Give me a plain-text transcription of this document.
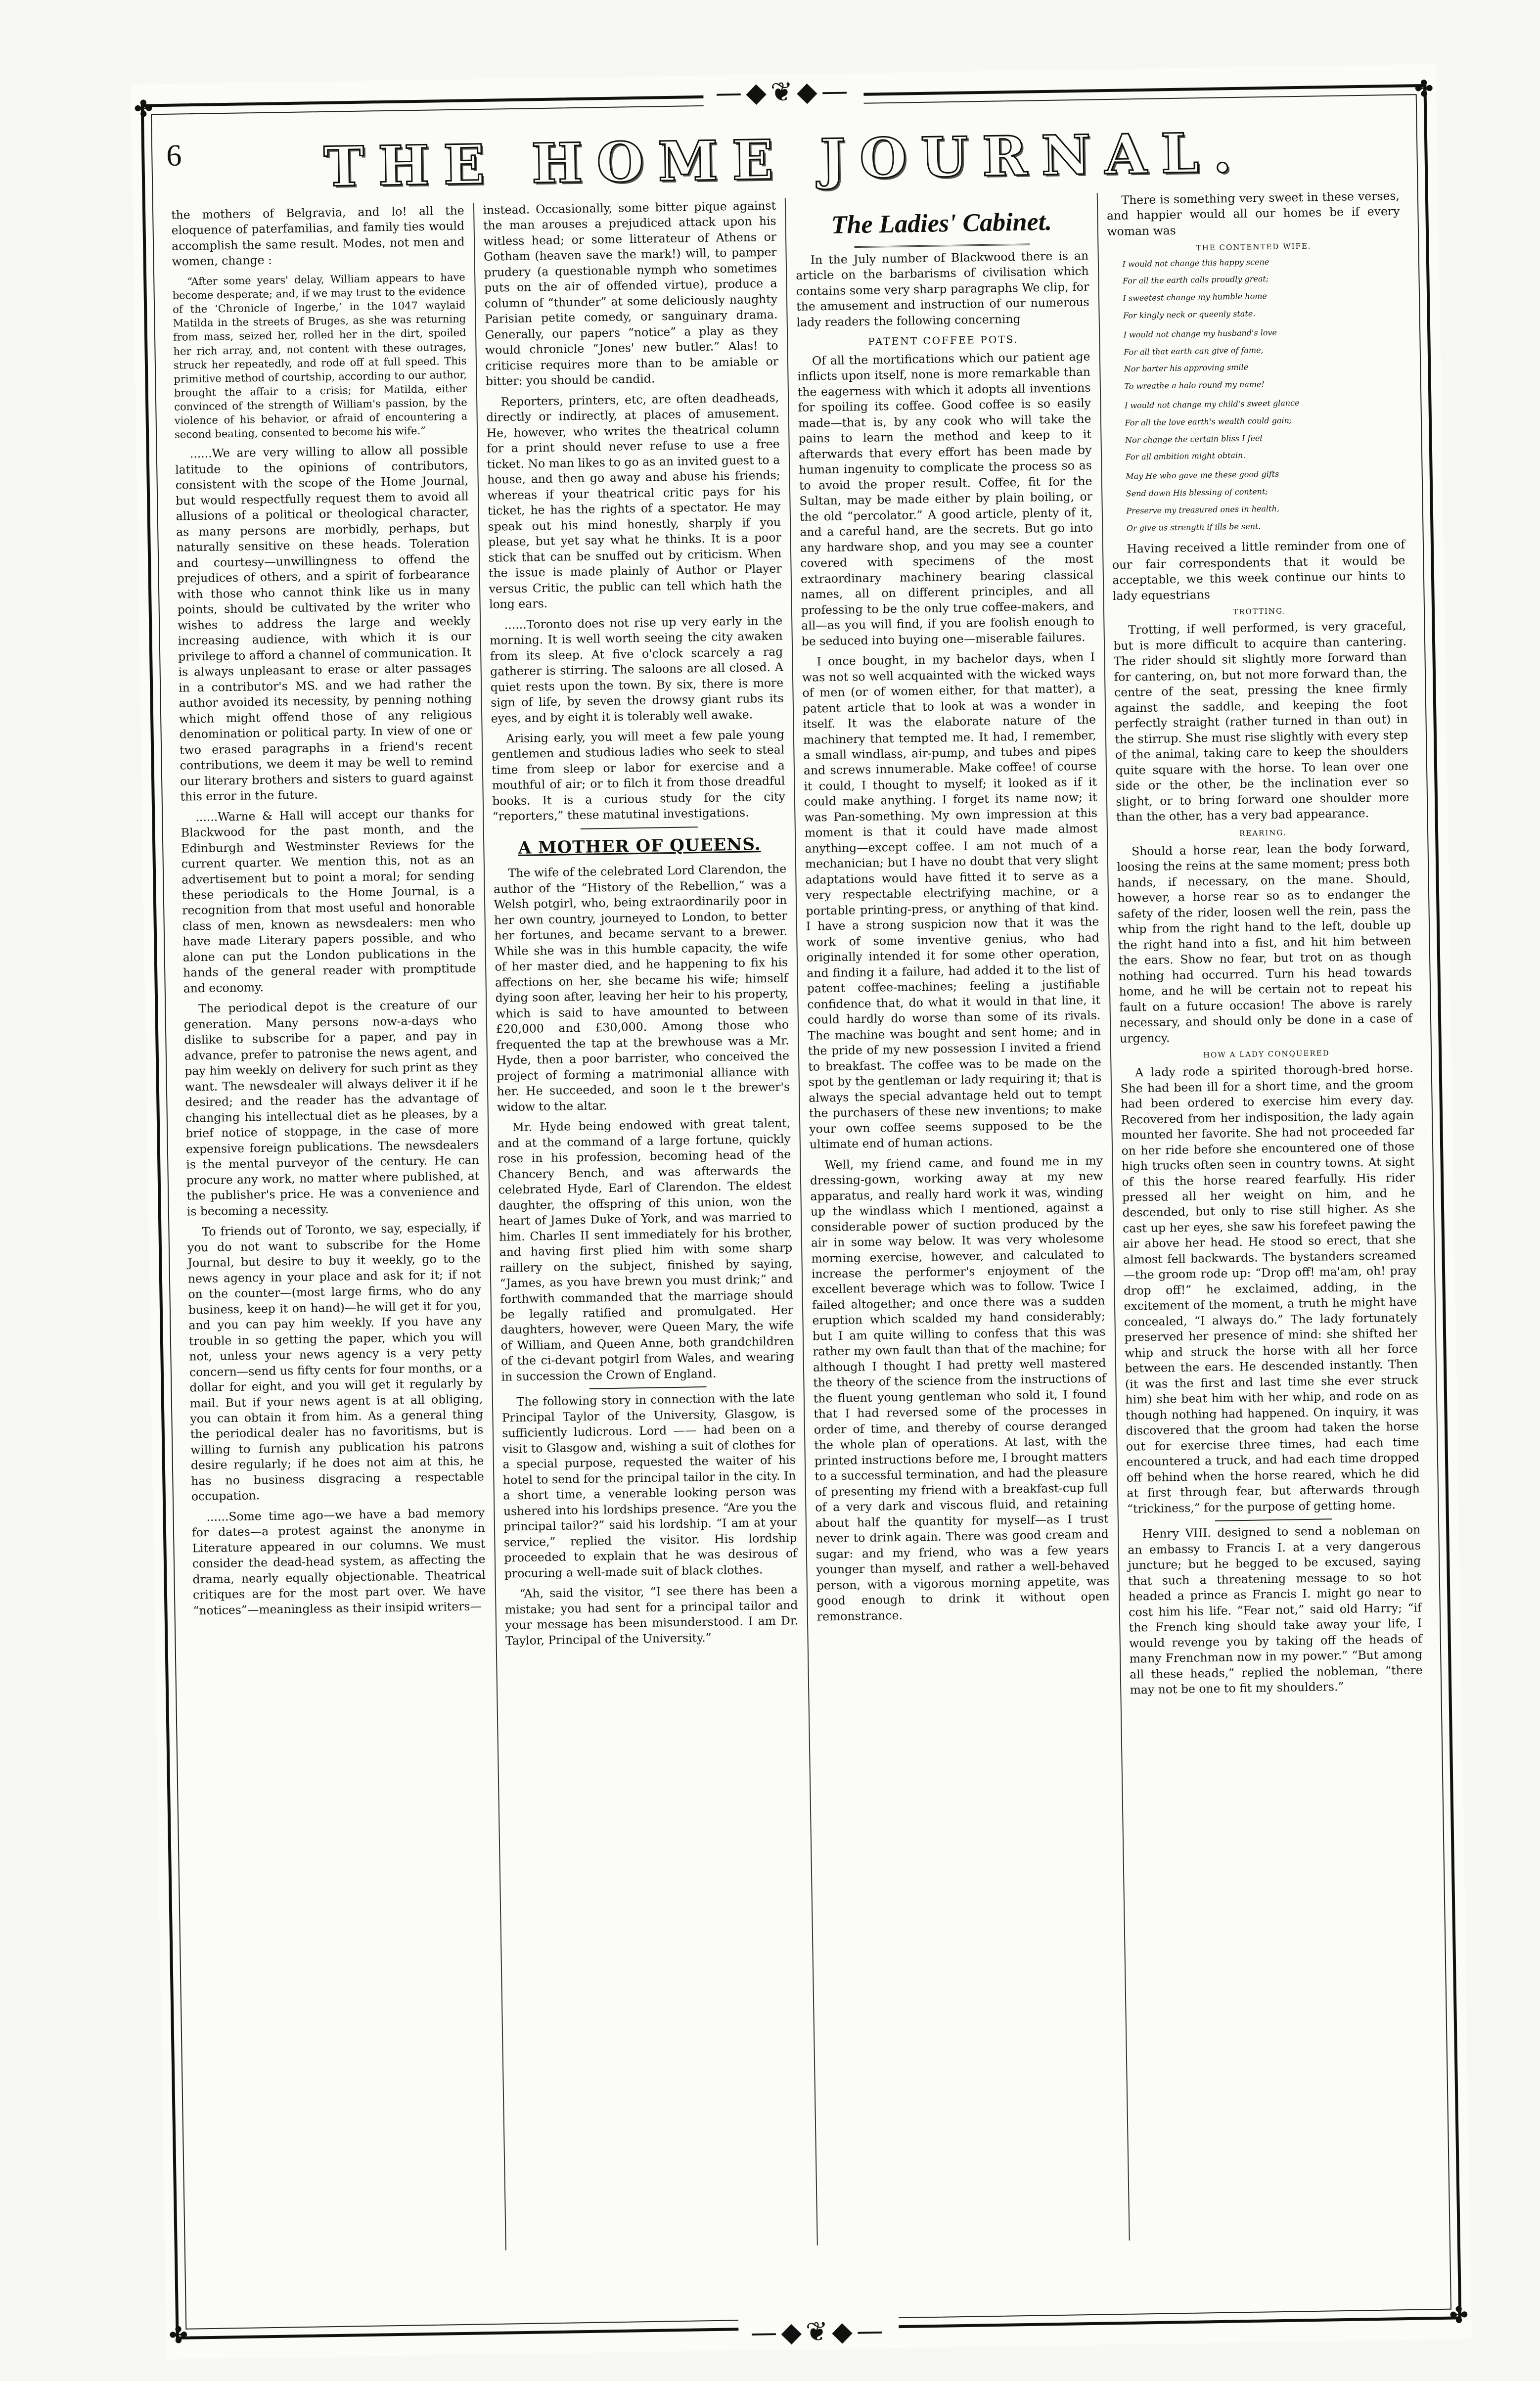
—◆❦◆—
—◆❦◆—
✤
✤
✤
✤
6	THE HOME JOURNAL.

the mothers of Belgravia, and lo! all the eloquence of paterfamilias, and family ties would accomplish the same result. Modes, not men and women, change :

“After some years' delay, William appears to have become desperate; and, if we may trust to the evidence of the ‘Chronicle of Ingerbe,’ in the 1047 waylaid Matilda in the streets of Bruges, as she was returning from mass, seized her, rolled her in the dirt, spoiled her rich array, and, not content with these outrages, struck her repeatedly, and rode off at full speed. This primitive method of courtship, according to our author, brought the affair to a crisis; for Matilda, either convinced of the strength of William's passion, by the violence of his behavior, or afraid of encountering a second beating, consented to become his wife.”

......We are very willing to allow all possible latitude to the opinions of contributors, consistent with the scope of the Home Journal, but would respectfully request them to avoid all allusions of a political or theological character, as many persons are morbidly, perhaps, but naturally sensitive on these heads. Toleration and courtesy—unwillingness to offend the prejudices of others, and a spirit of forbearance with those who cannot think like us in many points, should be cultivated by the writer who wishes to address the large and weekly increasing audience, with which it is our privilege to afford a channel of communication. It is always unpleasant to erase or alter passages in a contributor's MS. and we had rather the author avoided its necessity, by penning nothing which might offend those of any religious denomination or political party. In view of one or two erased paragraphs in a friend's recent contributions, we deem it may be well to remind our literary brothers and sisters to guard against this error in the future.

......Warne & Hall will accept our thanks for Blackwood for the past month, and the Edinburgh and Westminster Reviews for the current quarter. We mention this, not as an advertisement but to point a moral; for sending these periodicals to the Home Journal, is a recognition from that most useful and honorable class of men, known as newsdealers: men who have made Literary papers possible, and who alone can put the London publications in the hands of the general reader with promptitude and economy.

The periodical depot is the creature of our generation. Many persons now-a-days who dislike to subscribe for a paper, and pay in advance, prefer to patronise the news agent, and pay him weekly on delivery for such print as they want. The newsdealer will always deliver it if he desired; and the reader has the advantage of changing his intellectual diet as he pleases, by a brief notice of stoppage, in the case of more expensive foreign publications. The newsdealers is the mental purveyor of the century. He can procure any work, no matter where published, at the publisher's price. He was a convenience and is becoming a necessity.

To friends out of Toronto, we say, especially, if you do not want to subscribe for the Home Journal, but desire to buy it weekly, go to the news agency in your place and ask for it; if not on the counter—(most large firms, who do any business, keep it on hand)—he will get it for you, and you can pay him weekly. If you have any trouble in so getting the paper, which you will not, unless your news agency is a very petty concern—send us fifty cents for four months, or a dollar for eight, and you will get it regularly by mail. But if your news agent is at all obliging, you can obtain it from him. As a general thing the periodical dealer has no favoritisms, but is willing to furnish any publication his patrons desire regularly; if he does not aim at this, he has no business disgracing a respectable occupation.

......Some time ago—we have a bad memory for dates—a protest against the anonyme in Literature appeared in our columns. We must consider the dead-head system, as affecting the drama, nearly equally objectionable. Theatrical critiques are for the most part over. We have “notices”—meaningless as their insipid writers—

instead. Occasionally, some bitter pique against the man arouses a prejudiced attack upon his witless head; or some litterateur of Athens or Gotham (heaven save the mark!) will, to pamper prudery (a questionable nymph who sometimes puts on the air of offended virtue), produce a column of “thunder” at some deliciously naughty Parisian petite comedy, or sanguinary drama. Generally, our papers “notice” a play as they would chronicle “Jones' new butler.” Alas! to criticise requires more than to be amiable or bitter: you should be candid.

Reporters, printers, etc, are often deadheads, directly or indirectly, at places of amusement. He, however, who writes the theatrical column for a print should never refuse to use a free ticket. No man likes to go as an invited guest to a house, and then go away and abuse his friends; whereas if your theatrical critic pays for his ticket, he has the rights of a spectator. He may speak out his mind honestly, sharply if you please, but yet say what he thinks. It is a poor stick that can be snuffed out by criticism. When the issue is made plainly of Author or Player versus Critic, the public can tell which hath the long ears.

......Toronto does not rise up very early in the morning. It is well worth seeing the city awaken from its sleep. At five o'clock scarcely a rag gatherer is stirring. The saloons are all closed. A quiet rests upon the town. By six, there is more sign of life, by seven the drowsy giant rubs its eyes, and by eight it is tolerably well awake.

Arising early, you will meet a few pale young gentlemen and studious ladies who seek to steal time from sleep or labor for exercise and a mouthful of air; or to filch it from those dreadful books. It is a curious study for the city “reporters,” these matutinal investigations.

A MOTHER OF QUEENS.

The wife of the celebrated Lord Clarendon, the author of the “History of the Rebellion,” was a Welsh potgirl, who, being extraordinarily poor in her own country, journeyed to London, to better her fortunes, and became servant to a brewer. While she was in this humble capacity, the wife of her master died, and he happening to fix his affections on her, she became his wife; himself dying soon after, leaving her heir to his property, which is said to have amounted to between £20,000 and £30,000. Among those who frequented the tap at the brewhouse was a Mr. Hyde, then a poor barrister, who conceived the project of forming a matrimonial alliance with her. He succeeded, and soon le t the brewer's widow to the altar.

Mr. Hyde being endowed with great talent, and at the command of a large fortune, quickly rose in his profession, becoming head of the Chancery Bench, and was afterwards the celebrated Hyde, Earl of Clarendon. The eldest daughter, the offspring of this union, won the heart of James Duke of York, and was married to him. Charles II sent immediately for his brother, and having first plied him with some sharp raillery on the subject, finished by saying, “James, as you have brewn you must drink;” and forthwith commanded that the marriage should be legally ratified and promulgated. Her daughters, however, were Queen Mary, the wife of William, and Queen Anne, both grandchildren of the ci-devant potgirl from Wales, and wearing in succession the Crown of England.

The following story in connection with the late Principal Taylor of the University, Glasgow, is sufficiently ludicrous. Lord —— had been on a visit to Glasgow and, wishing a suit of clothes for a special purpose, requested the waiter of his hotel to send for the principal tailor in the city. In a short time, a venerable looking person was ushered into his lordships presence. “Are you the principal tailor?” said his lordship. “I am at your service,” replied the visitor. His lordship proceeded to explain that he was desirous of procuring a well-made suit of black clothes.

“Ah, said the visitor, “I see there has been a mistake; you had sent for a principal tailor and your message has been misunderstood. I am Dr. Taylor, Principal of the University.”

The Ladies' Cabinet.

In the July number of Blackwood there is an article on the barbarisms of civilisation which contains some very sharp paragraphs We clip, for the amusement and instruction of our numerous lady readers the following concerning

PATENT COFFEE POTS.

Of all the mortifications which our patient age inflicts upon itself, none is more remarkable than the eagerness with which it adopts all inventions for spoiling its coffee. Good coffee is so easily made—that is, by any cook who will take the pains to learn the method and keep to it afterwards that every effort has been made by human ingenuity to complicate the process so as to avoid the proper result. Coffee, fit for the Sultan, may be made either by plain boiling, or the old “percolator.” A good article, plenty of it, and a careful hand, are the secrets. But go into any hardware shop, and you may see a counter covered with specimens of the most extraordinary machinery bearing classical names, all on different principles, and all professing to be the only true coffee-makers, and all—as you will find, if you are foolish enough to be seduced into buying one—miserable failures.

I once bought, in my bachelor days, when I was not so well acquainted with the wicked ways of men (or of women either, for that matter), a patent article that to look at was a wonder in itself. It was the elaborate nature of the machinery that tempted me. It had, I remember, a small windlass, air-pump, and tubes and pipes and screws innumerable. Make coffee! of course it could, I thought to myself; it looked as if it could make anything. I forget its name now; it was Pan-something. My own impression at this moment is that it could have made almost anything—except coffee. I am not much of a mechanician; but I have no doubt that very slight adaptations would have fitted it to serve as a very respectable electrifying machine, or a portable printing-press, or anything of that kind. I have a strong suspicion now that it was the work of some inventive genius, who had originally intended it for some other operation, and finding it a failure, had added it to the list of patent coffee-machines; feeling a justifiable confidence that, do what it would in that line, it could hardly do worse than some of its rivals. The machine was bought and sent home; and in the pride of my new possession I invited a friend to breakfast. The coffee was to be made on the spot by the gentleman or lady requiring it; that is always the special advantage held out to tempt the purchasers of these new inventions; to make your own coffee seems supposed to be the ultimate end of human actions.

Well, my friend came, and found me in my dressing-gown, working away at my new apparatus, and really hard work it was, winding up the windlass which I mentioned, against a considerable power of suction produced by the air in some way below. It was very wholesome morning exercise, however, and calculated to increase the performer's enjoyment of the excellent beverage which was to follow. Twice I failed altogether; and once there was a sudden eruption which scalded my hand considerably; but I am quite willing to confess that this was rather my own fault than that of the machine; for although I thought I had pretty well mastered the theory of the science from the instructions of the fluent young gentleman who sold it, I found that I had reversed some of the processes in order of time, and thereby of course deranged the whole plan of operations. At last, with the printed instructions before me, I brought matters to a successful termination, and had the pleasure of presenting my friend with a breakfast-cup full of a very dark and viscous fluid, and retaining about half the quantity for myself—as I trust never to drink again. There was good cream and sugar: and my friend, who was a few years younger than myself, and rather a well-behaved person, with a vigorous morning appetite, was good enough to drink it without open remonstrance.

There is something very sweet in these verses, and happier would all our homes be if every woman was

THE CONTENTED WIFE.

I would not change this happy scene

For all the earth calls proudly great;

I sweetest change my humble home

For kingly neck or queenly state.

I would not change my husband's love

For all that earth can give of fame,

Nor barter his approving smile

To wreathe a halo round my name!

I would not change my child's sweet glance

For all the love earth's wealth could gain;

Nor change the certain bliss I feel

For all ambition might obtain.

May He who gave me these good gifts

Send down His blessing of content;

Preserve my treasured ones in health,

Or give us strength if ills be sent.

Having received a little reminder from one of our fair correspondents that it would be acceptable, we this week continue our hints to lady equestrians

TROTTING.

Trotting, if well performed, is very graceful, but is more difficult to acquire than cantering. The rider should sit slightly more forward than for cantering, on, but not more forward than, the centre of the seat, pressing the knee firmly against the saddle, and keeping the foot perfectly straight (rather turned in than out) in the stirrup. She must rise slightly with every step of the animal, taking care to keep the shoulders quite square with the horse. To lean over one side or the other, be the inclination ever so slight, or to bring forward one shoulder more than the other, has a very bad appearance.

REARING.

Should a horse rear, lean the body forward, loosing the reins at the same moment; press both hands, if necessary, on the mane. Should, however, a horse rear so as to endanger the safety of the rider, loosen well the rein, pass the whip from the right hand to the left, double up the right hand into a fist, and hit him between the ears. Show no fear, but trot on as though nothing had occurred. Turn his head towards home, and he will be certain not to repeat his fault on a future occasion! The above is rarely necessary, and should only be done in a case of urgency.

HOW A LADY CONQUERED

A lady rode a spirited thorough-bred horse. She had been ill for a short time, and the groom had been ordered to exercise him every day. Recovered from her indisposition, the lady again mounted her favorite. She had not proceeded far on her ride before she encountered one of those high trucks often seen in country towns. At sight of this the horse reared fearfully. His rider pressed all her weight on him, and he descended, but only to rise still higher. As she cast up her eyes, she saw his forefeet pawing the air above her head. He stood so erect, that she almost fell backwards. The bystanders screamed—the groom rode up: “Drop off! ma'am, oh! pray drop off!” he exclaimed, adding, in the excitement of the moment, a truth he might have concealed, “I always do.” The lady fortunately preserved her presence of mind: she shifted her whip and struck the horse with all her force between the ears. He descended instantly. Then (it was the first and last time she ever struck him) she beat him with her whip, and rode on as though nothing had happened. On inquiry, it was discovered that the groom had taken the horse out for exercise three times, had each time encountered a truck, and had each time dropped off behind when the horse reared, which he did at first through fear, but afterwards through “trickiness,” for the purpose of getting home.

Henry VIII. designed to send a nobleman on an embassy to Francis I. at a very dangerous juncture; but he begged to be excused, saying that such a threatening message to so hot headed a prince as Francis I. might go near to cost him his life. “Fear not,” said old Harry; “if the French king should take away your life, I would revenge you by taking off the heads of many Frenchman now in my power.” “But among all these heads,” replied the nobleman, “there may not be one to fit my shoulders.”
